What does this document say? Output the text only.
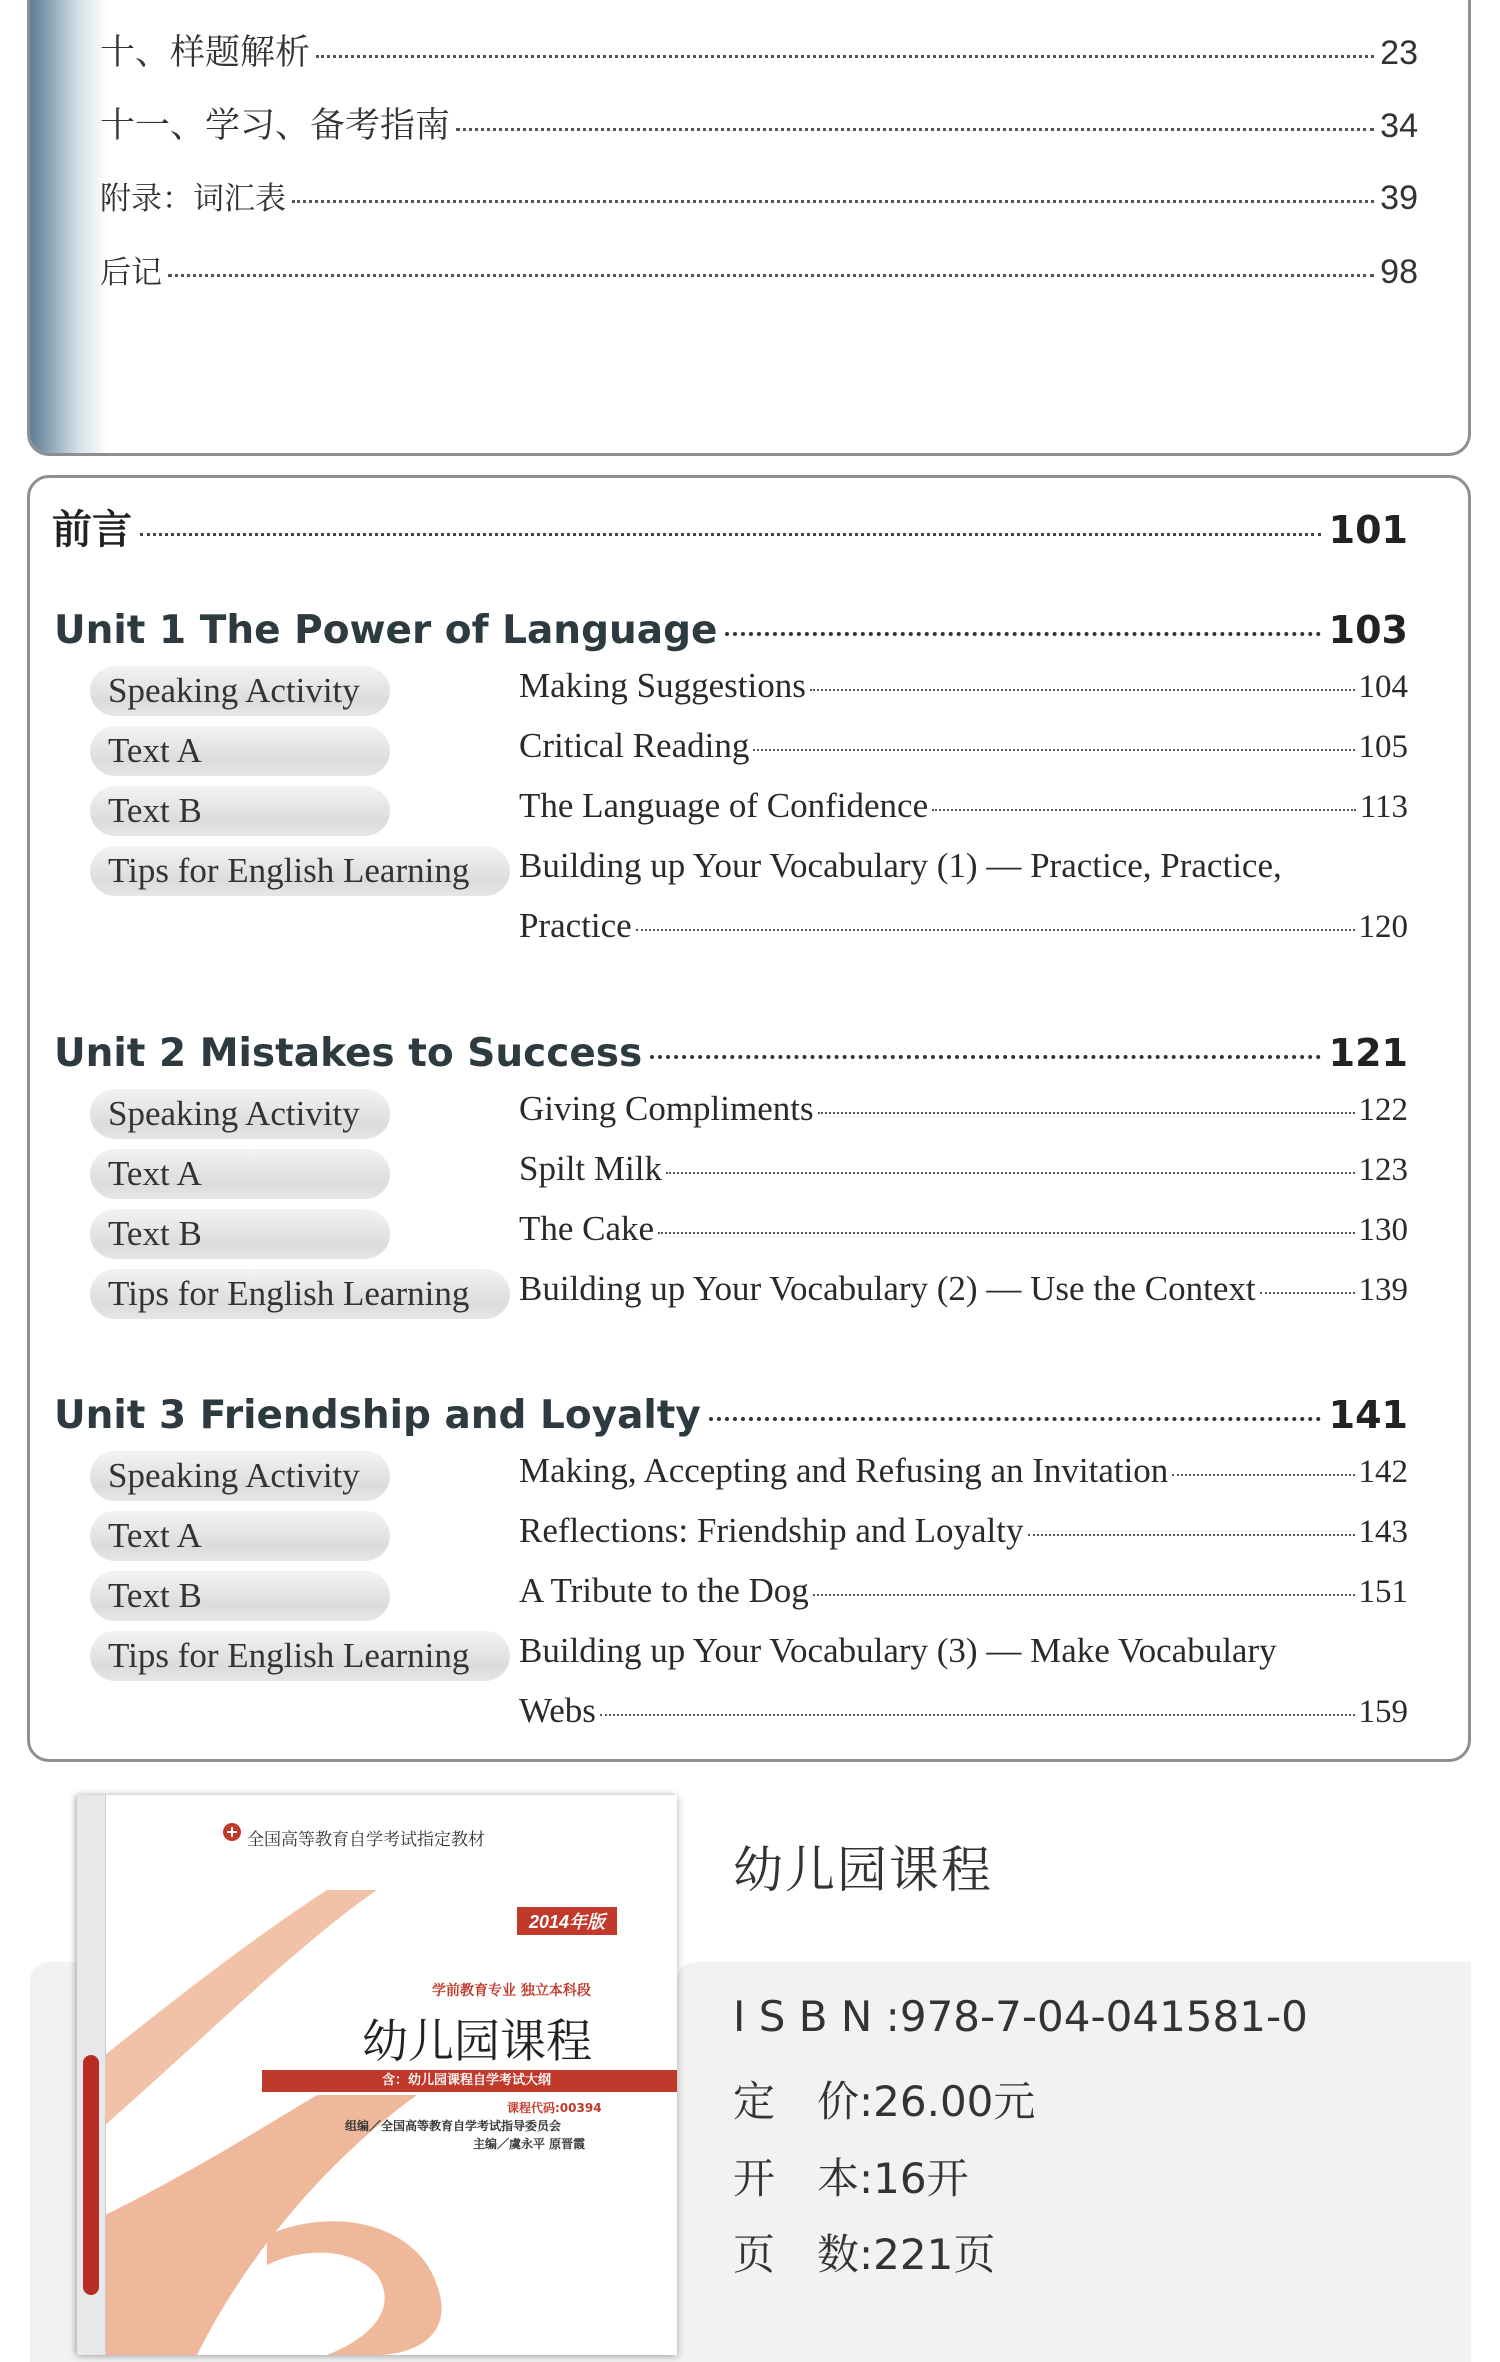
十、样题解析	23
十一、学习、备考指南	34
附录：词汇表	39
后记	98
前言	101
Unit 1 The Power of Language	103
Speaking Activity	Making Suggestions	104
Text A	Critical Reading	105
Text B	The Language of Confidence	113
Tips for English Learning	Building up Your Vocabulary (1) — Practice, Practice,
Practice	120
Unit 2 Mistakes to Success	121
Speaking Activity	Giving Compliments	122
Text A	Spilt Milk	123
Text B	The Cake	130
Tips for English Learning	Building up Your Vocabulary (2) — Use the Context	139
Unit 3 Friendship and Loyalty	141
Speaking Activity	Making, Accepting and Refusing an Invitation	142
Text A	Reflections: Friendship and Loyalty	143
Text B	A Tribute to the Dog	151
Tips for English Learning	Building up Your Vocabulary (3) — Make Vocabulary
Webs	159
I S B N :978-7-04-041581-0
定　价:26.00元
开　本:16开
页　数:221页
幼儿园课程
全国高等教育自学考试指定教材
2014年版
学前教育专业 独立本科段
幼儿园课程
含：幼儿园课程自学考试大纲
课程代码:00394
组编／全国高等教育自学考试指导委员会
主编／虞永平 原晋霞
